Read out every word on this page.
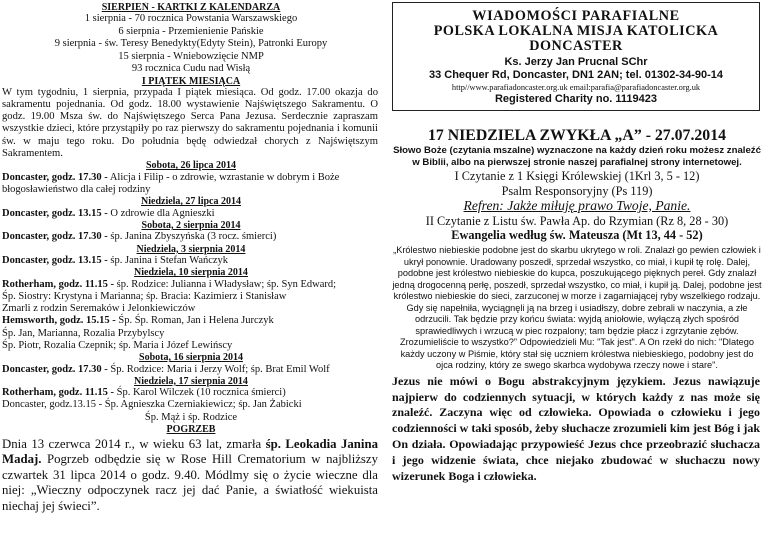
SIERPIEŃ - KARTKI Z KALENDARZA
1 sierpnia - 70 rocznica Powstania Warszawskiego
6 sierpnia - Przemienienie Pańskie
9 sierpnia - św. Teresy Benedykty(Edyty Stein), Patronki Europy
15 sierpnia - Wniebowzięcie NMP
93 rocznica Cudu nad Wisłą
I PIĄTEK MIESIĄCA
W tym tygodniu, 1 sierpnia, przypada I piątek miesiąca. Od godz. 17.00 okazja do sakramentu pojednania. Od godz. 18.00 wystawienie Najświętszego Sakramentu. O godz. 19.00 Msza św. do Najświętszego Serca Pana Jezusa. Serdecznie zapraszam wszystkie dzieci, które przystąpiły po raz pierwszy do sakramentu pojednania i komunii św. w maju tego roku. Do południa będę odwiedzał chorych z Najświętszym Sakramentem.
Sobota, 26 lipca 2014
Doncaster, godz. 17.30 - Alicja i Filip - o zdrowie, wzrastanie w dobrym i Boże
błogosławieństwo dla całej rodziny
Niedziela, 27 lipca 2014
Doncaster, godz. 13.15 - O zdrowie dla Agnieszki
Sobota, 2 sierpnia 2014
Doncaster, godz. 17.30 - śp. Janina Zbyszyńska (3 rocz. śmierci)
Niedziela, 3 sierpnia 2014
Doncaster, godz. 13.15 - śp. Janina i Stefan Wańczyk
Niedziela, 10 sierpnia 2014
Rotherham, godz. 11.15 - śp. Rodzice: Julianna i Władysław; śp. Syn Edward;
Śp. Siostry: Krystyna i Marianna; śp. Bracia: Kazimierz i Stanisław
Zmarli z rodzin Seremaków i Jelonkiewiczów
Hemsworth, godz. 15.15 - Śp. Śp. Roman, Jan i Helena Jurczyk
Śp. Jan, Marianna, Rozalia Przybylscy
Śp. Piotr, Rozalia Czepnik; śp. Maria i Józef Lewińscy
Sobota, 16 sierpnia 2014
Doncaster, godz. 17.30 - Śp. Rodzice: Maria i Jerzy Wolf; śp. Brat Emil Wolf
Niedziela, 17 sierpnia 2014
Rotherham, godz. 11.15 - Śp. Karol Wilczek (10 rocznica śmierci)
Doncaster, godz.13.15 - Śp. Agnieszka Czerniakiewicz; śp. Jan Żabicki
Śp. Mąż i śp. Rodzice
POGRZEB
Dnia 13 czerwca 2014 r., w wieku 63 lat, zmarła śp. Leokadia Janina Madaj. Pogrzeb odbędzie się w Rose Hill Crematorium w najbliższy czwartek 31 lipca 2014 o godz. 9.40. Módlmy się o życie wieczne dla niej: „Wieczny odpoczynek racz jej dać Panie, a światłość wiekuista niechaj jej świeci”.
WIADOMOŚCI PARAFIALNE
POLSKA LOKALNA MISJA KATOLICKA
DONCASTER
Ks. Jerzy Jan Prucnal SChr
33 Chequer Rd, Doncaster, DN1 2AN; tel. 01302-34-90-14
http//www.parafiadoncaster.org.uk email:parafia@parafiadoncaster.org.uk
Registered Charity no. 1119423
17 NIEDZIELA ZWYKŁA „A” - 27.07.2014
Słowo Boże (czytania mszalne) wyznaczone na każdy dzień roku możesz znaleźć w Biblii, albo na pierwszej stronie naszej parafialnej strony internetowej.
I Czytanie z 1 Księgi Królewskiej (1Krl 3, 5 - 12)
Psalm Responsoryjny (Ps 119)
Refren: Jakże miłuję prawo Twoje, Panie.
II Czytanie z Listu św. Pawła Ap. do Rzymian (Rz 8, 28 - 30)
Ewangelia według św. Mateusza (Mt 13, 44 - 52)
„Królestwo niebieskie podobne jest do skarbu ukrytego w roli. Znalazł go pewien człowiek i ukrył ponownie. Uradowany poszedł, sprzedał wszystko, co miał, i kupił tę rolę. Dalej, podobne jest królestwo niebieskie do kupca, poszukującego pięknych pereł. Gdy znalazł jedną drogocenną perłę, poszedł, sprzedał wszystko, co miał, i kupił ją. Dalej, podobne jest królestwo niebieskie do sieci, zarzuconej w morze i zagarniającej ryby wszelkiego rodzaju. Gdy się napełniła, wyciągnęli ją na brzeg i usiadłszy, dobre zebrali w naczynia, a złe odrzucili. Tak będzie przy końcu świata: wyjdą aniołowie, wyłączą złych spośród sprawiedliwych i wrzucą w piec rozpalony; tam będzie płacz i zgrzytanie zębów. Zrozumieliście to wszystko?” Odpowiedzieli Mu: "Tak jest". A On rzekł do nich: "Dlatego każdy uczony w Piśmie, który stał się uczniem królestwa niebieskiego, podobny jest do ojca rodziny, który ze swego skarbca wydobywa rzeczy nowe i stare".
Jezus nie mówi o Bogu abstrakcyjnym językiem. Jezus nawiązuje najpierw do codziennych sytuacji, w których każdy z nas może się znaleźć. Zaczyna więc od człowieka. Opowiada o człowieku i jego codzienności w taki sposób, żeby słuchacze zrozumieli kim jest Bóg i jak On działa. Opowiadając przypowieść Jezus chce przeobrazić słuchacza i jego widzenie świata, chce niejako zbudować w słuchaczu nowy wizerunek Boga i człowieka.
